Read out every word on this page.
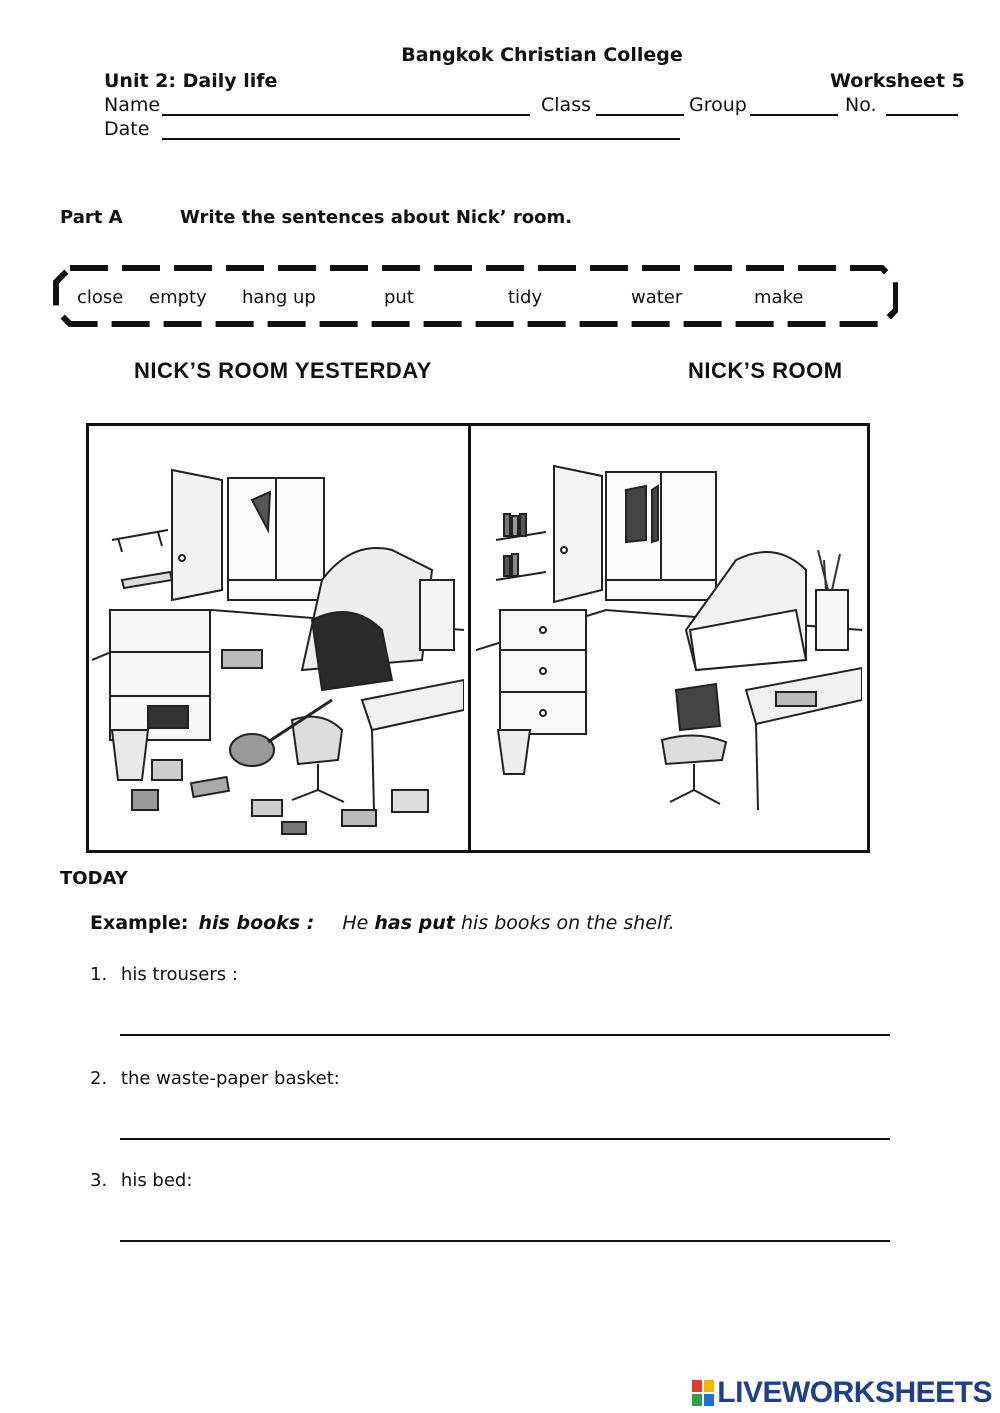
Bangkok Christian College
Unit 2: Daily life	Worksheet 5
Name	Class	Group	No.
Date
Part A	Write the sentences about Nick’ room.
close empty hang up	put	tidy	water	make
NICK’S ROOM YESTERDAY	NICK’S ROOM
TODAY
Example: his books : He has put his books on the shelf.
1. his trousers :
2. the waste-paper basket:
3. his bed:
LIVEWORKSHEETS
